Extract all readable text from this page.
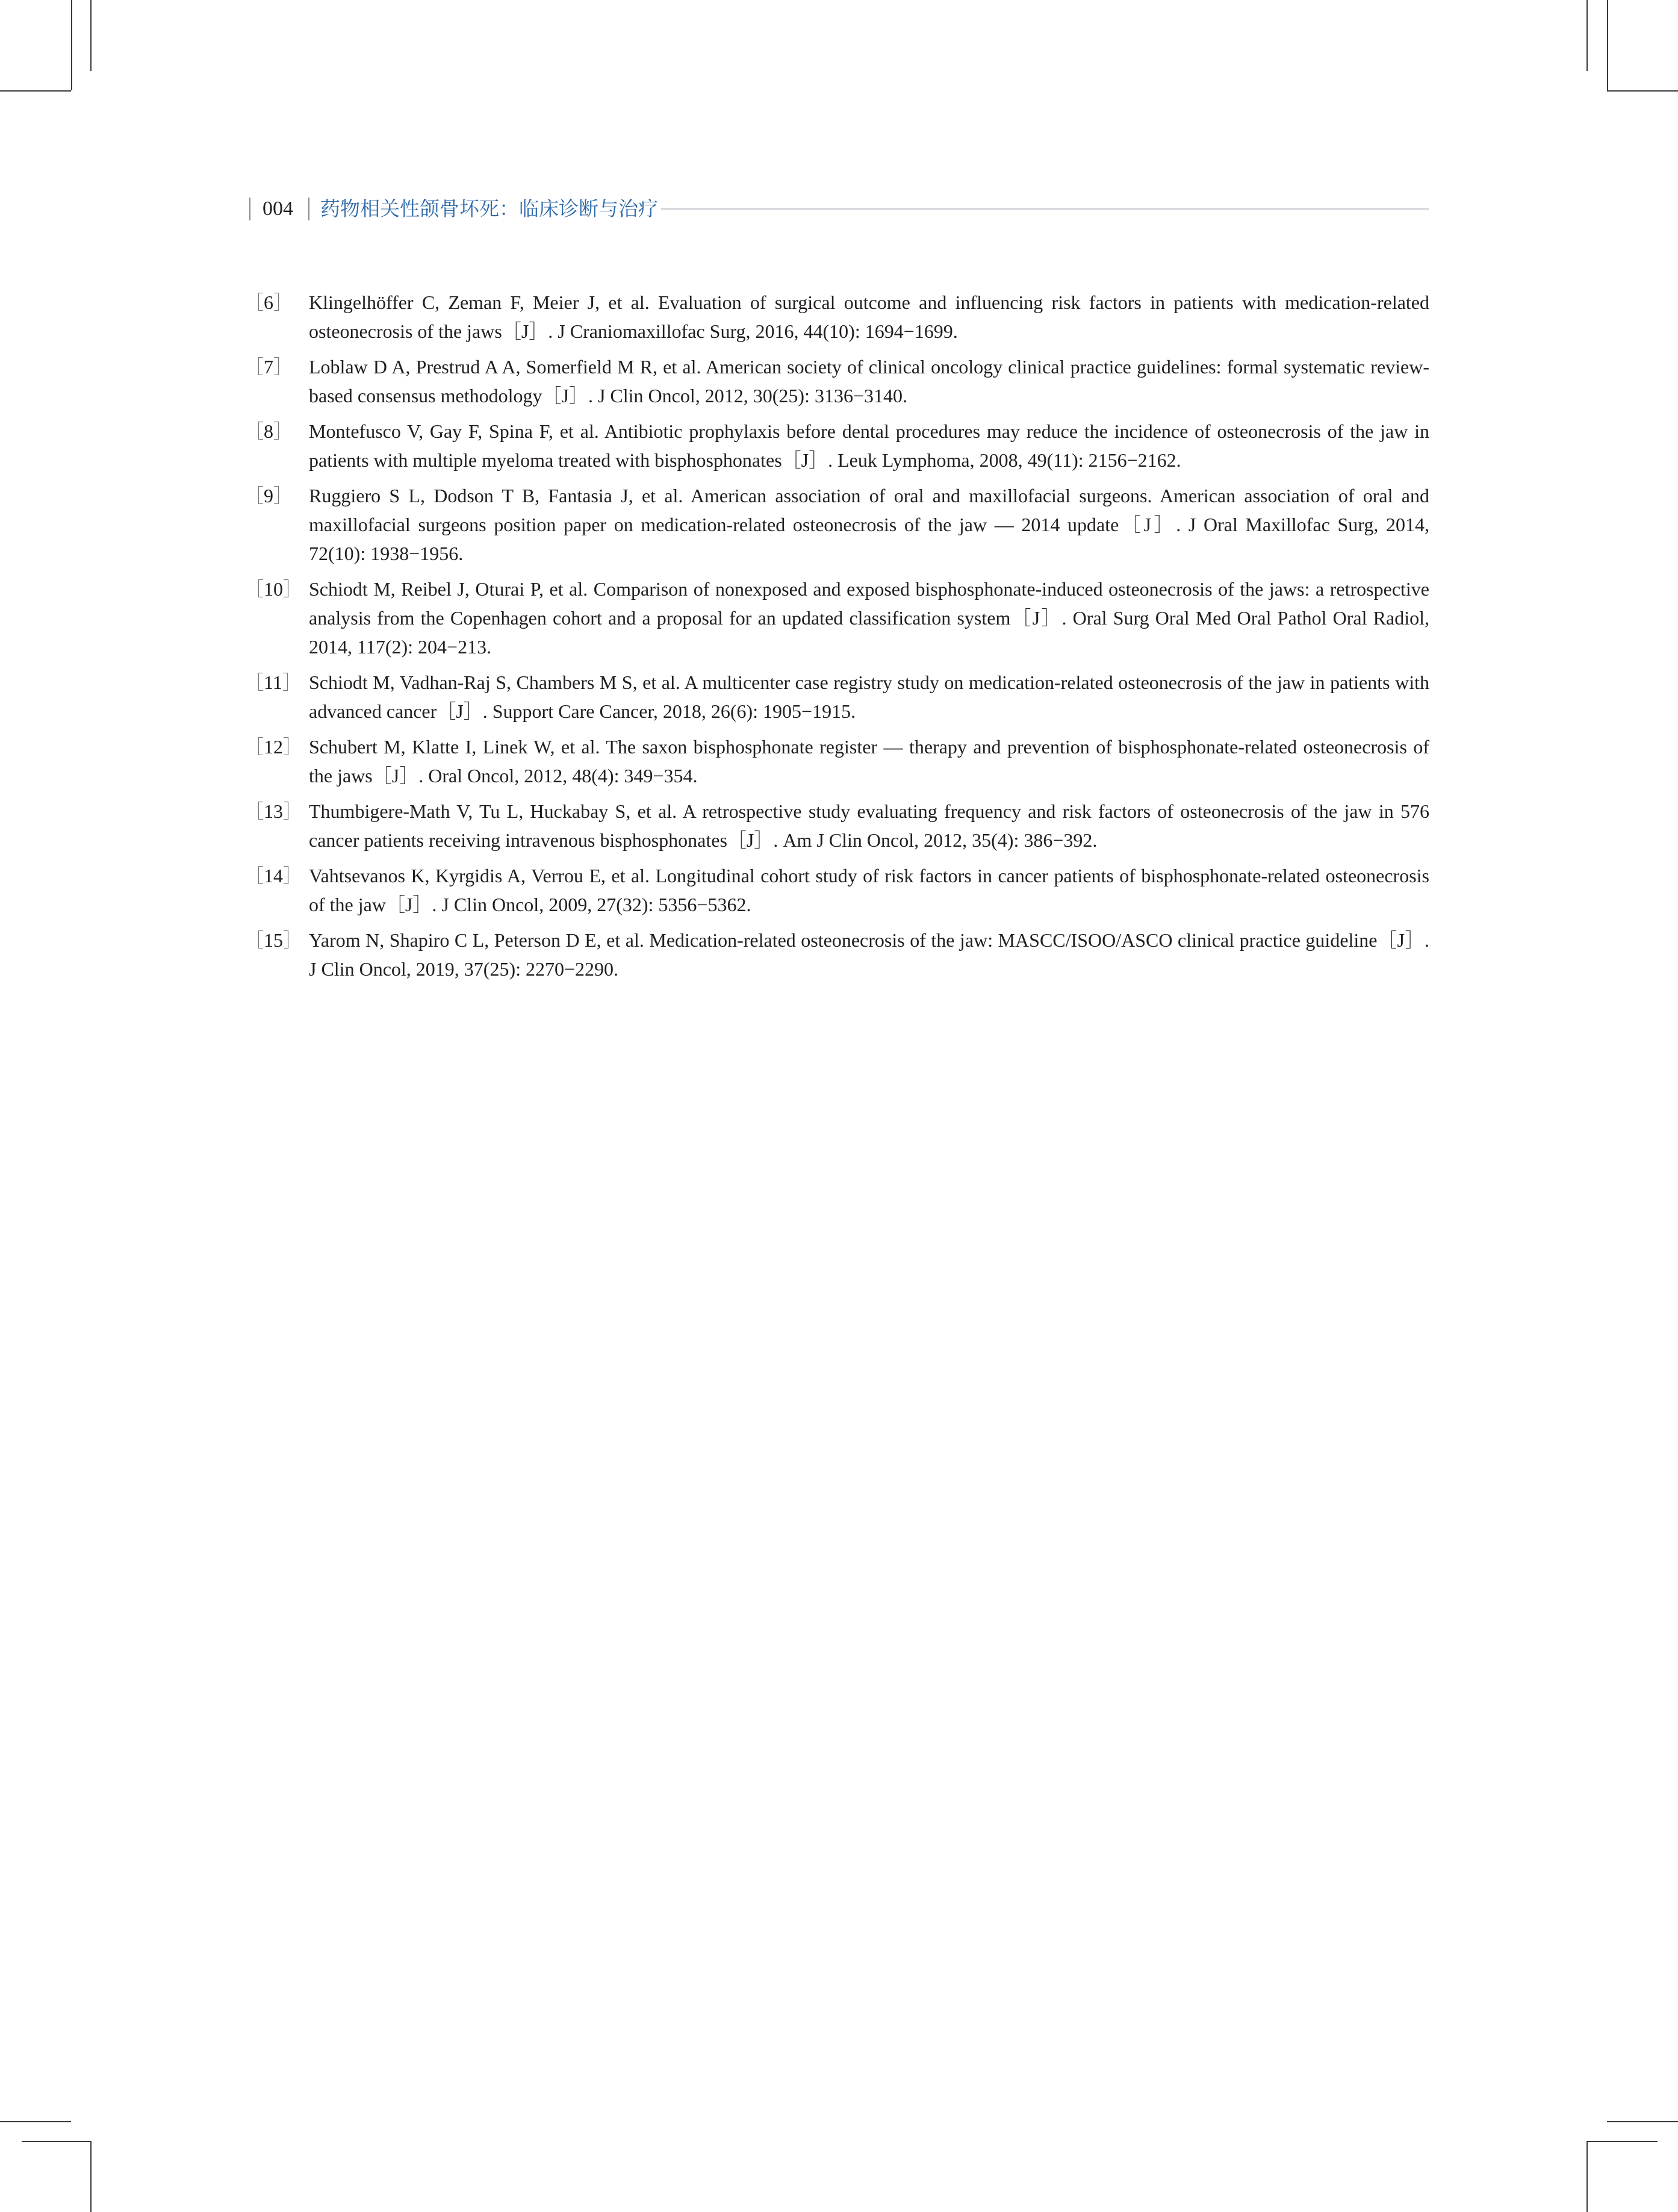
004 药物相关性颌骨坏死：临床诊断与治疗
［6］ Klingelhöffer C, Zeman F, Meier J, et al. Evaluation of surgical outcome and influencing risk factors in patients with medication-related osteonecrosis of the jaws［J］. J Craniomaxillofac Surg, 2016, 44(10): 1694−1699.
［7］ Loblaw D A, Prestrud A A, Somerfield M R, et al. American society of clinical oncology clinical practice guidelines: formal systematic review-based consensus methodology［J］. J Clin Oncol, 2012, 30(25): 3136−3140.
［8］ Montefusco V, Gay F, Spina F, et al. Antibiotic prophylaxis before dental procedures may reduce the incidence of osteonecrosis of the jaw in patients with multiple myeloma treated with bisphosphonates［J］. Leuk Lymphoma, 2008, 49(11): 2156−2162.
［9］ Ruggiero S L, Dodson T B, Fantasia J, et al. American association of oral and maxillofacial surgeons. American association of oral and maxillofacial surgeons position paper on medication-related osteonecrosis of the jaw — 2014 update［J］. J Oral Maxillofac Surg, 2014, 72(10): 1938−1956.
［10］ Schiodt M, Reibel J, Oturai P, et al. Comparison of nonexposed and exposed bisphosphonate-induced osteonecrosis of the jaws: a retrospective analysis from the Copenhagen cohort and a proposal for an updated classification system［J］. Oral Surg Oral Med Oral Pathol Oral Radiol, 2014, 117(2): 204−213.
［11］ Schiodt M, Vadhan-Raj S, Chambers M S, et al. A multicenter case registry study on medication-related osteonecrosis of the jaw in patients with advanced cancer［J］. Support Care Cancer, 2018, 26(6): 1905−1915.
［12］ Schubert M, Klatte I, Linek W, et al. The saxon bisphosphonate register — therapy and prevention of bisphosphonate-related osteonecrosis of the jaws［J］. Oral Oncol, 2012, 48(4): 349−354.
［13］ Thumbigere-Math V, Tu L, Huckabay S, et al. A retrospective study evaluating frequency and risk factors of osteonecrosis of the jaw in 576 cancer patients receiving intravenous bisphosphonates［J］. Am J Clin Oncol, 2012, 35(4): 386−392.
［14］ Vahtsevanos K, Kyrgidis A, Verrou E, et al. Longitudinal cohort study of risk factors in cancer patients of bisphosphonate-related osteonecrosis of the jaw［J］. J Clin Oncol, 2009, 27(32): 5356−5362.
［15］ Yarom N, Shapiro C L, Peterson D E, et al. Medication-related osteonecrosis of the jaw: MASCC/ISOO/ASCO clinical practice guideline［J］. J Clin Oncol, 2019, 37(25): 2270−2290.
